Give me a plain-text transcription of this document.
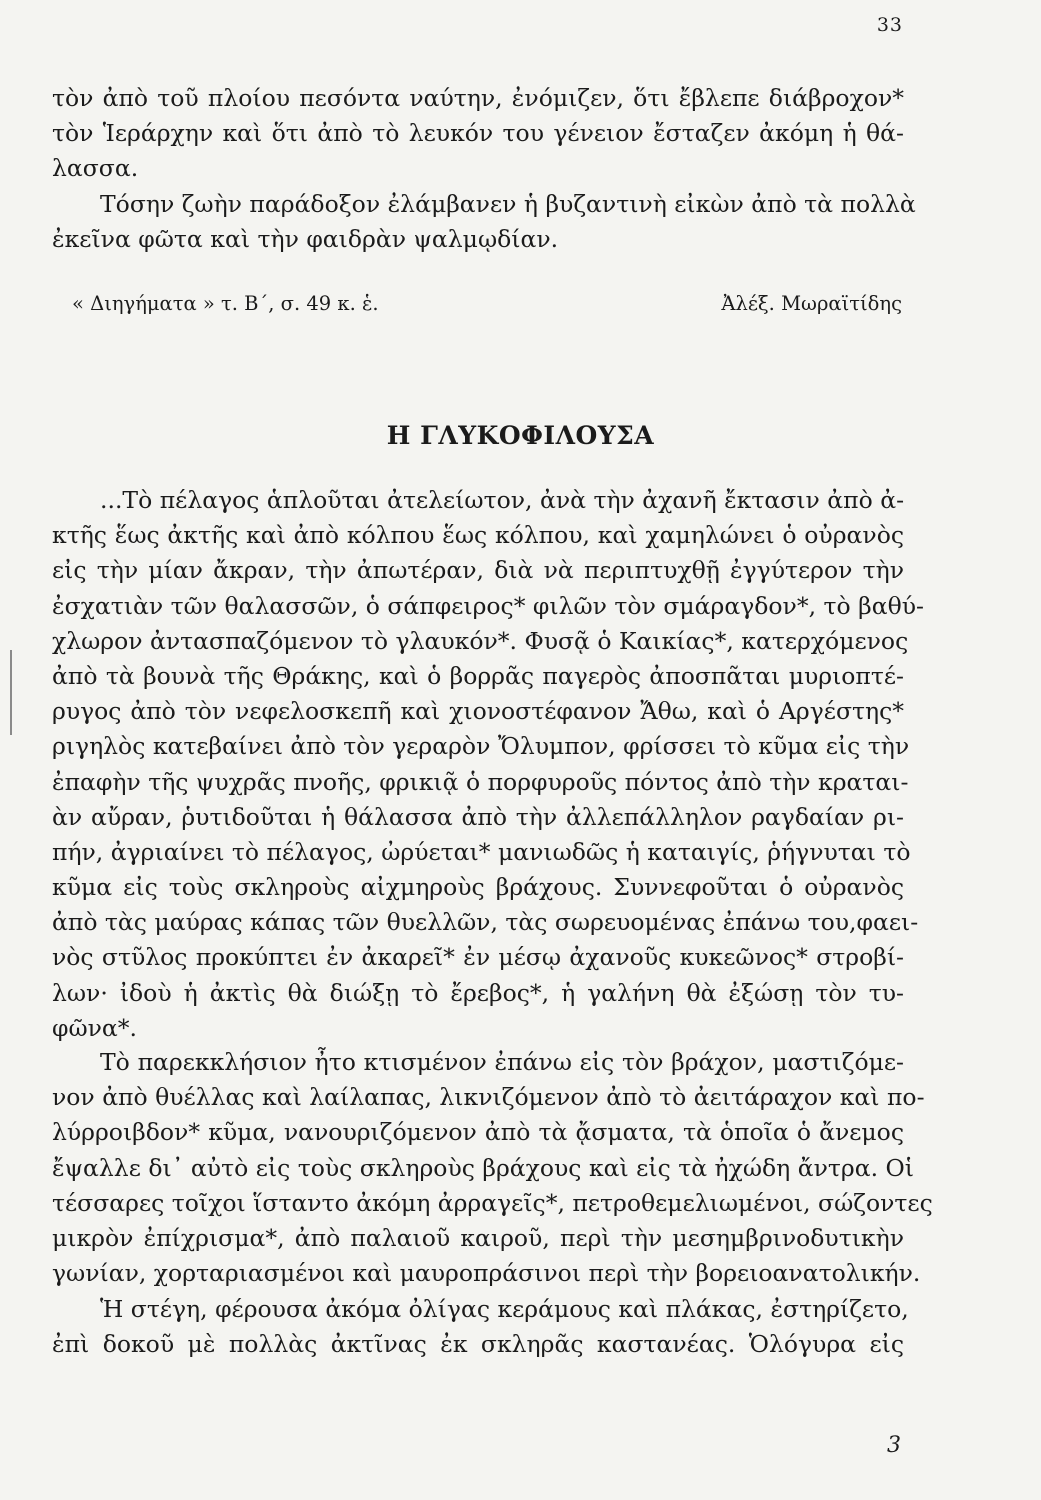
33
τὸν ἀπὸ τοῦ πλοίου πεσόντα ναύτην, ἐνόμιζεν, ὅτι ἔβλεπε διάβροχον*
τὸν Ἱεράρχην καὶ ὅτι ἀπὸ τὸ λευκόν του γένειον ἔσταζεν ἀκόμη ἡ θά-
λασσα.
Τόσην ζωὴν παράδοξον ἐλάμβανεν ἡ βυζαντινὴ εἰκὼν ἀπὸ τὰ πολλὰ
ἐκεῖνα φῶτα καὶ τὴν φαιδρὰν ψαλμῳδίαν.
« Διηγήματα » τ. Β΄, σ. 49 κ. ἑ.	Ἀλέξ. Μωραϊτίδης
Η ΓΛΥΚΟΦΙΛΟΥΣΑ
...Τὸ πέλαγος ἁπλοῦται ἀτελείωτον, ἀνὰ τὴν ἀχανῆ ἔκτασιν ἀπὸ ἀ-
κτῆς ἕως ἀκτῆς καὶ ἀπὸ κόλπου ἕως κόλπου, καὶ χαμηλώνει ὁ οὐρανὸς
εἰς τὴν μίαν ἄκραν, τὴν ἀπωτέραν, διὰ νὰ περιπτυχθῇ ἐγγύτερον τὴν
ἐσχατιὰν τῶν θαλασσῶν, ὁ σάπφειρος* φιλῶν τὸν σμάραγδον*, τὸ βαθύ-
χλωρον ἀντασπαζόμενον τὸ γλαυκόν*. Φυσᾷ ὁ Καικίας*, κατερχόμενος
ἀπὸ τὰ βουνὰ τῆς Θράκης, καὶ ὁ βορρᾶς παγερὸς ἀποσπᾶται μυριοπτέ-
ρυγος ἀπὸ τὸν νεφελοσκεπῆ καὶ χιονοστέφανον Ἄθω, καὶ ὁ Αργέστης*
ριγηλὸς κατεβαίνει ἀπὸ τὸν γεραρὸν Ὄλυμπον, φρίσσει τὸ κῦμα εἰς τὴν
ἐπαφὴν τῆς ψυχρᾶς πνοῆς, φρικιᾷ ὁ πορφυροῦς πόντος ἀπὸ τὴν κραται-
ὰν αὔραν, ῥυτιδοῦται ἡ θάλασσα ἀπὸ τὴν ἀλλεπάλληλον ραγδαίαν ρι-
πήν, ἀγριαίνει τὸ πέλαγος, ὠρύεται* μανιωδῶς ἡ καταιγίς, ῥήγνυται τὸ
κῦμα εἰς τοὺς σκληροὺς αἰχμηροὺς βράχους. Συννεφοῦται ὁ οὐρανὸς
ἀπὸ τὰς μαύρας κάπας τῶν θυελλῶν, τὰς σωρευομένας ἐπάνω του,φαει-
νὸς στῦλος προκύπτει ἐν ἀκαρεῖ* ἐν μέσῳ ἀχανοῦς κυκεῶνος* στροβί-
λων· ἰδοὺ ἡ ἀκτὶς θὰ διώξῃ τὸ ἔρεβος*, ἡ γαλήνη θὰ ἐξώσῃ τὸν τυ-
φῶνα*.
Τὸ παρεκκλήσιον ἦτο κτισμένον ἐπάνω εἰς τὸν βράχον, μαστιζόμε-
νον ἀπὸ θυέλλας καὶ λαίλαπας, λικνιζόμενον ἀπὸ τὸ ἀειτάραχον καὶ πο-
λύρροιβδον* κῦμα, νανουριζόμενον ἀπὸ τὰ ᾄσματα, τὰ ὁποῖα ὁ ἄνεμος
ἔψαλλε δι᾽ αὐτὸ εἰς τοὺς σκληροὺς βράχους καὶ εἰς τὰ ἠχώδη ἄντρα. Οἱ
τέσσαρες τοῖχοι ἵσταντο ἀκόμη ἀρραγεῖς*, πετροθεμελιωμένοι, σώζοντες
μικρὸν ἐπίχρισμα*, ἀπὸ παλαιοῦ καιροῦ, περὶ τὴν μεσημβρινοδυτικὴν
γωνίαν, χορταριασμένοι καὶ μαυροπράσινοι περὶ τὴν βορειοανατολικήν.
Ἡ στέγη, φέρουσα ἀκόμα ὀλίγας κεράμους καὶ πλάκας, ἐστηρίζετο,
ἐπὶ δοκοῦ μὲ πολλὰς ἀκτῖνας ἐκ σκληρᾶς καστανέας. Ὁλόγυρα εἰς
3
